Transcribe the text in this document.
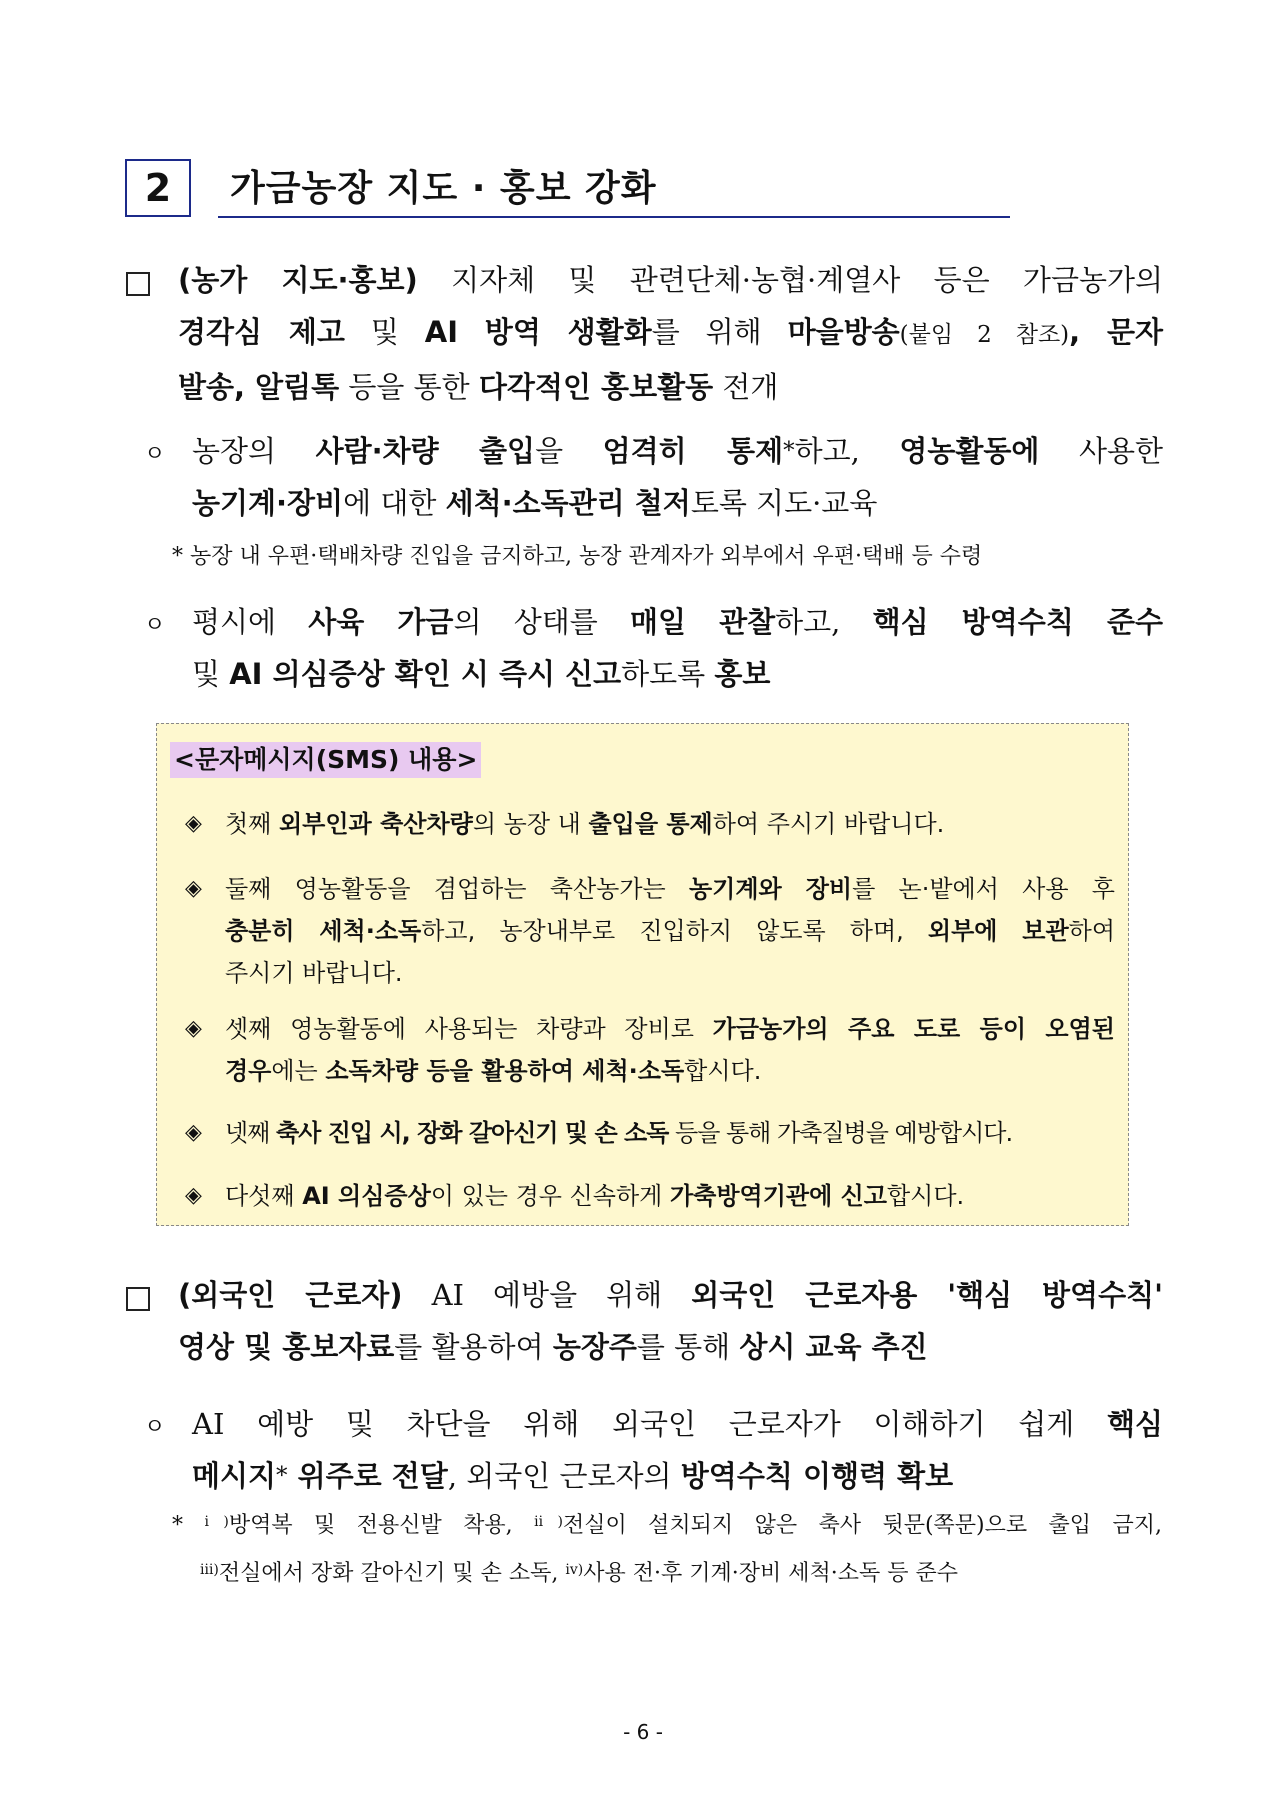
2	가금농장 지도 · 홍보 강화
(농가 지도·홍보) 지자체 및 관련단체·농협·계열사 등은 가금농가의
경각심 제고 및 AI 방역 생활화를 위해 마을방송(붙임 2 참조), 문자
발송, 알림톡 등을 통한 다각적인 홍보활동 전개
ㅇ 농장의 사람·차량 출입을 엄격히 통제*하고, 영농활동에 사용한
농기계·장비에 대한 세척·소독관리 철저토록 지도·교육
* 농장 내 우편·택배차량 진입을 금지하고, 농장 관계자가 외부에서 우편·택배 등 수령
ㅇ 평시에 사육 가금의 상태를 매일 관찰하고, 핵심 방역수칙 준수
및 AI 의심증상 확인 시 즉시 신고하도록 홍보
<문자메시지(SMS) 내용>
◈ 첫째 외부인과 축산차량의 농장 내 출입을 통제하여 주시기 바랍니다.
◈ 둘째 영농활동을 겸업하는 축산농가는 농기계와 장비를 논·밭에서 사용 후
충분히 세척·소독하고, 농장내부로 진입하지 않도록 하며, 외부에 보관하여
주시기 바랍니다.
◈ 셋째 영농활동에 사용되는 차량과 장비로 가금농가의 주요 도로 등이 오염된
경우에는 소독차량 등을 활용하여 세척·소독합시다.
◈ 넷째 축사 진입 시, 장화 갈아신기 및 손 소독 등을 통해 가축질병을 예방합시다.
◈ 다섯째 AI 의심증상이 있는 경우 신속하게 가축방역기관에 신고합시다.
(외국인 근로자) AI 예방을 위해 외국인 근로자용 '핵심 방역수칙'
영상 및 홍보자료를 활용하여 농장주를 통해 상시 교육 추진
ㅇ AI 예방 및 차단을 위해 외국인 근로자가 이해하기 쉽게 핵심
메시지* 위주로 전달, 외국인 근로자의 방역수칙 이행력 확보
* $^{ⅰ)}$방역복 및 전용신발 착용, $^{ⅱ)}$전실이 설치되지 않은 축사 뒷문(쪽문)으로 출입 금지,
$^{ⅲ)}$전실에서 장화 갈아신기 및 손 소독, $^{ⅳ)}$사용 전·후 기계·장비 세척·소독 등 준수
- 6 -
